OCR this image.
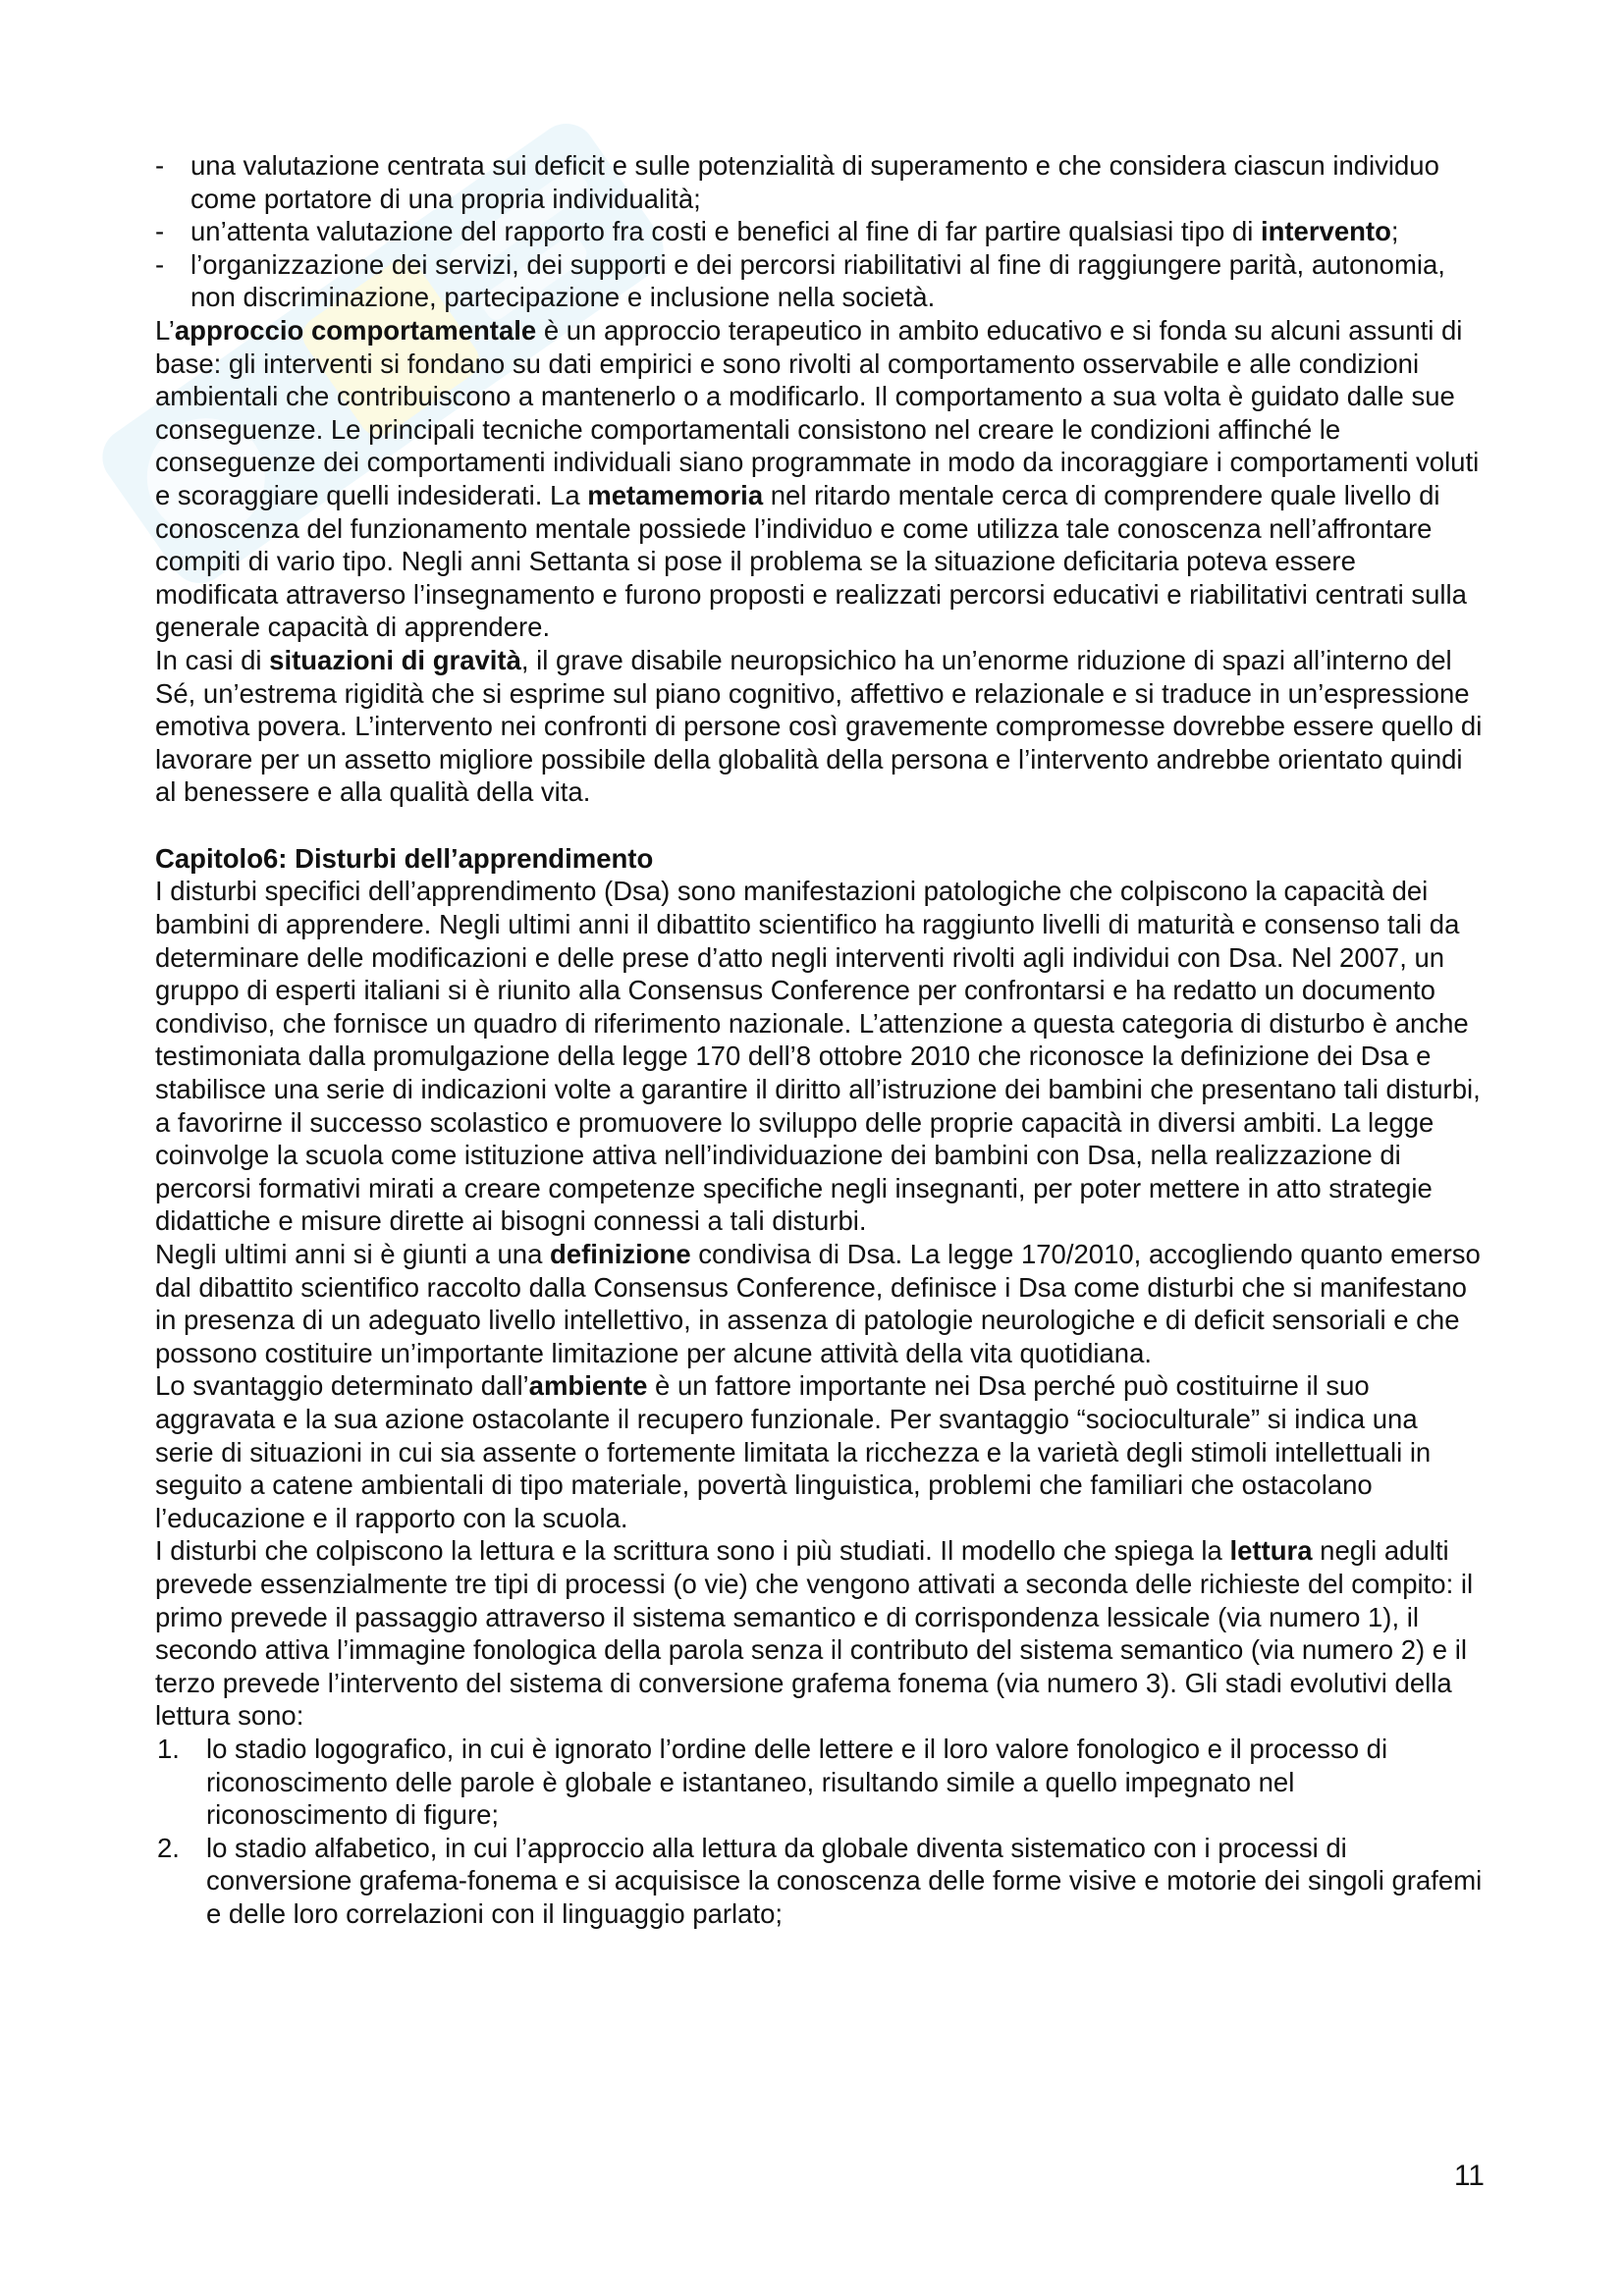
- una valutazione centrata sui deficit e sulle potenzialità di superamento e che considera ciascun individuo come portatore di una propria individualità;
- un’attenta valutazione del rapporto fra costi e benefici al fine di far partire qualsiasi tipo di intervento;
- l’organizzazione dei servizi, dei supporti e dei percorsi riabilitativi al fine di raggiungere parità, autonomia, non discriminazione, partecipazione e inclusione nella società.

L’approccio comportamentale è un approccio terapeutico in ambito educativo e si fonda su alcuni assunti di base: gli interventi si fondano su dati empirici e sono rivolti al comportamento osservabile e alle condizioni ambientali che contribuiscono a mantenerlo o a modificarlo. Il comportamento a sua volta è guidato dalle sue conseguenze. Le principali tecniche comportamentali consistono nel creare le condizioni affinché le conseguenze dei comportamenti individuali siano programmate in modo da incoraggiare i comportamenti voluti e scoraggiare quelli indesiderati. La metamemoria nel ritardo mentale cerca di comprendere quale livello di conoscenza del funzionamento mentale possiede l’individuo e come utilizza tale conoscenza nell’affrontare compiti di vario tipo. Negli anni Settanta si pose il problema se la situazione deficitaria poteva essere modificata attraverso l’insegnamento e furono proposti e realizzati percorsi educativi e riabilitativi centrati sulla generale capacità di apprendere.

In casi di situazioni di gravità, il grave disabile neuropsichico ha un’enorme riduzione di spazi all’interno del Sé, un’estrema rigidità che si esprime sul piano cognitivo, affettivo e relazionale e si traduce in un’espressione emotiva povera. L’intervento nei confronti di persone così gravemente compromesse dovrebbe essere quello di lavorare per un assetto migliore possibile della globalità della persona e l’intervento andrebbe orientato quindi al benessere e alla qualità della vita.

Capitolo6: Disturbi dell’apprendimento

I disturbi specifici dell’apprendimento (Dsa) sono manifestazioni patologiche che colpiscono la capacità dei bambini di apprendere. Negli ultimi anni il dibattito scientifico ha raggiunto livelli di maturità e consenso tali da determinare delle modificazioni e delle prese d’atto negli interventi rivolti agli individui con Dsa. Nel 2007, un gruppo di esperti italiani si è riunito alla Consensus Conference per confrontarsi e ha redatto un documento condiviso, che fornisce un quadro di riferimento nazionale. L’attenzione a questa categoria di disturbo è anche testimoniata dalla promulgazione della legge 170 dell’8 ottobre 2010 che riconosce la definizione dei Dsa e stabilisce una serie di indicazioni volte a garantire il diritto all’istruzione dei bambini che presentano tali disturbi, a favorirne il successo scolastico e promuovere lo sviluppo delle proprie capacità in diversi ambiti. La legge coinvolge la scuola come istituzione attiva nell’individuazione dei bambini con Dsa, nella realizzazione di percorsi formativi mirati a creare competenze specifiche negli insegnanti, per poter mettere in atto strategie didattiche e misure dirette ai bisogni connessi a tali disturbi.

Negli ultimi anni si è giunti a una definizione condivisa di Dsa. La legge 170/2010, accogliendo quanto emerso dal dibattito scientifico raccolto dalla Consensus Conference, definisce i Dsa come disturbi che si manifestano in presenza di un adeguato livello intellettivo, in assenza di patologie neurologiche e di deficit sensoriali e che possono costituire un’importante limitazione per alcune attività della vita quotidiana.

Lo svantaggio determinato dall’ambiente è un fattore importante nei Dsa perché può costituirne il suo aggravata e la sua azione ostacolante il recupero funzionale. Per svantaggio “socioculturale” si indica una serie di situazioni in cui sia assente o fortemente limitata la ricchezza e la varietà degli stimoli intellettuali in seguito a catene ambientali di tipo materiale, povertà linguistica, problemi che familiari che ostacolano l’educazione e il rapporto con la scuola.

I disturbi che colpiscono la lettura e la scrittura sono i più studiati. Il modello che spiega la lettura negli adulti prevede essenzialmente tre tipi di processi (o vie) che vengono attivati a seconda delle richieste del compito: il primo prevede il passaggio attraverso il sistema semantico e di corrispondenza lessicale (via numero 1), il secondo attiva l’immagine fonologica della parola senza il contributo del sistema semantico (via numero 2) e il terzo prevede l’intervento del sistema di conversione grafema fonema (via numero 3). Gli stadi evolutivi della lettura sono:

1. lo stadio logografico, in cui è ignorato l’ordine delle lettere e il loro valore fonologico e il processo di riconoscimento delle parole è globale e istantaneo, risultando simile a quello impegnato nel riconoscimento di figure;
2. lo stadio alfabetico, in cui l’approccio alla lettura da globale diventa sistematico con i processi di conversione grafema-fonema e si acquisisce la conoscenza delle forme visive e motorie dei singoli grafemi e delle loro correlazioni con il linguaggio parlato;
11
